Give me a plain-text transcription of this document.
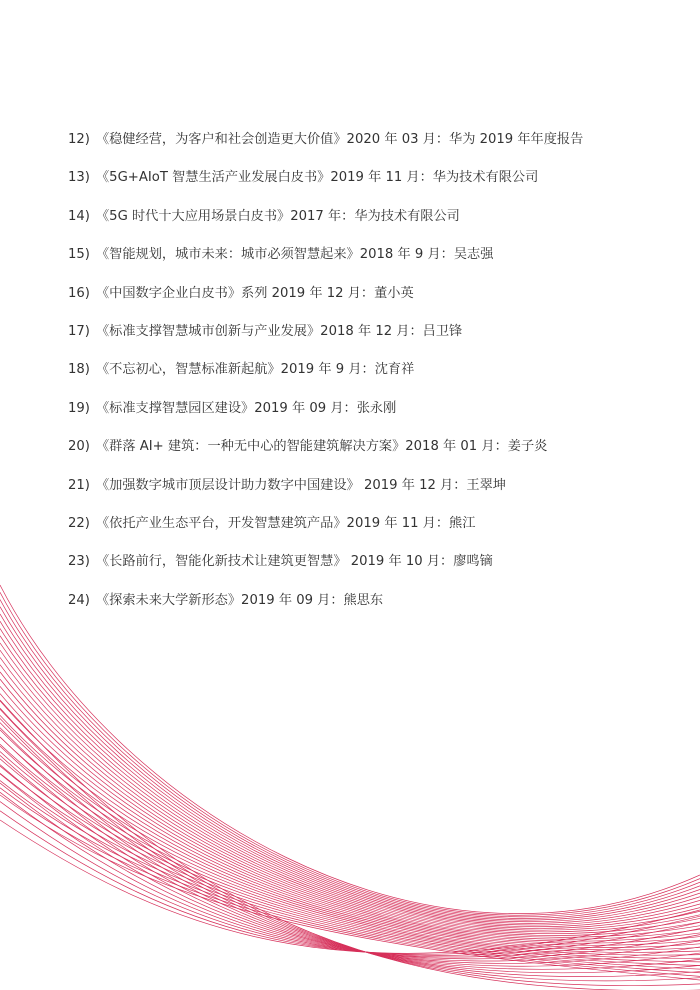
12) 《稳健经营，为客户和社会创造更大价值》2020 年 03 月：华为 2019 年年度报告
13) 《5G+AIoT 智慧生活产业发展白皮书》2019 年 11 月：华为技术有限公司
14) 《5G 时代十大应用场景白皮书》2017 年：华为技术有限公司
15) 《智能规划，城市未来：城市必须智慧起来》2018 年 9 月：吴志强
16) 《中国数字企业白皮书》系列 2019 年 12 月：董小英
17) 《标准支撑智慧城市创新与产业发展》2018 年 12 月：吕卫锋
18) 《不忘初心，智慧标准新起航》2019 年 9 月：沈育祥
19) 《标准支撑智慧园区建设》2019 年 09 月：张永刚
20) 《群落 AI+ 建筑：一种无中心的智能建筑解决方案》2018 年 01 月：姜子炎
21) 《加强数字城市顶层设计助力数字中国建设》 2019 年 12 月：王翠坤
22) 《依托产业生态平台，开发智慧建筑产品》2019 年 11 月：熊江
23) 《长路前行，智能化新技术让建筑更智慧》 2019 年 10 月：廖鸣镝
24) 《探索未来大学新形态》2019 年 09 月：熊思东
